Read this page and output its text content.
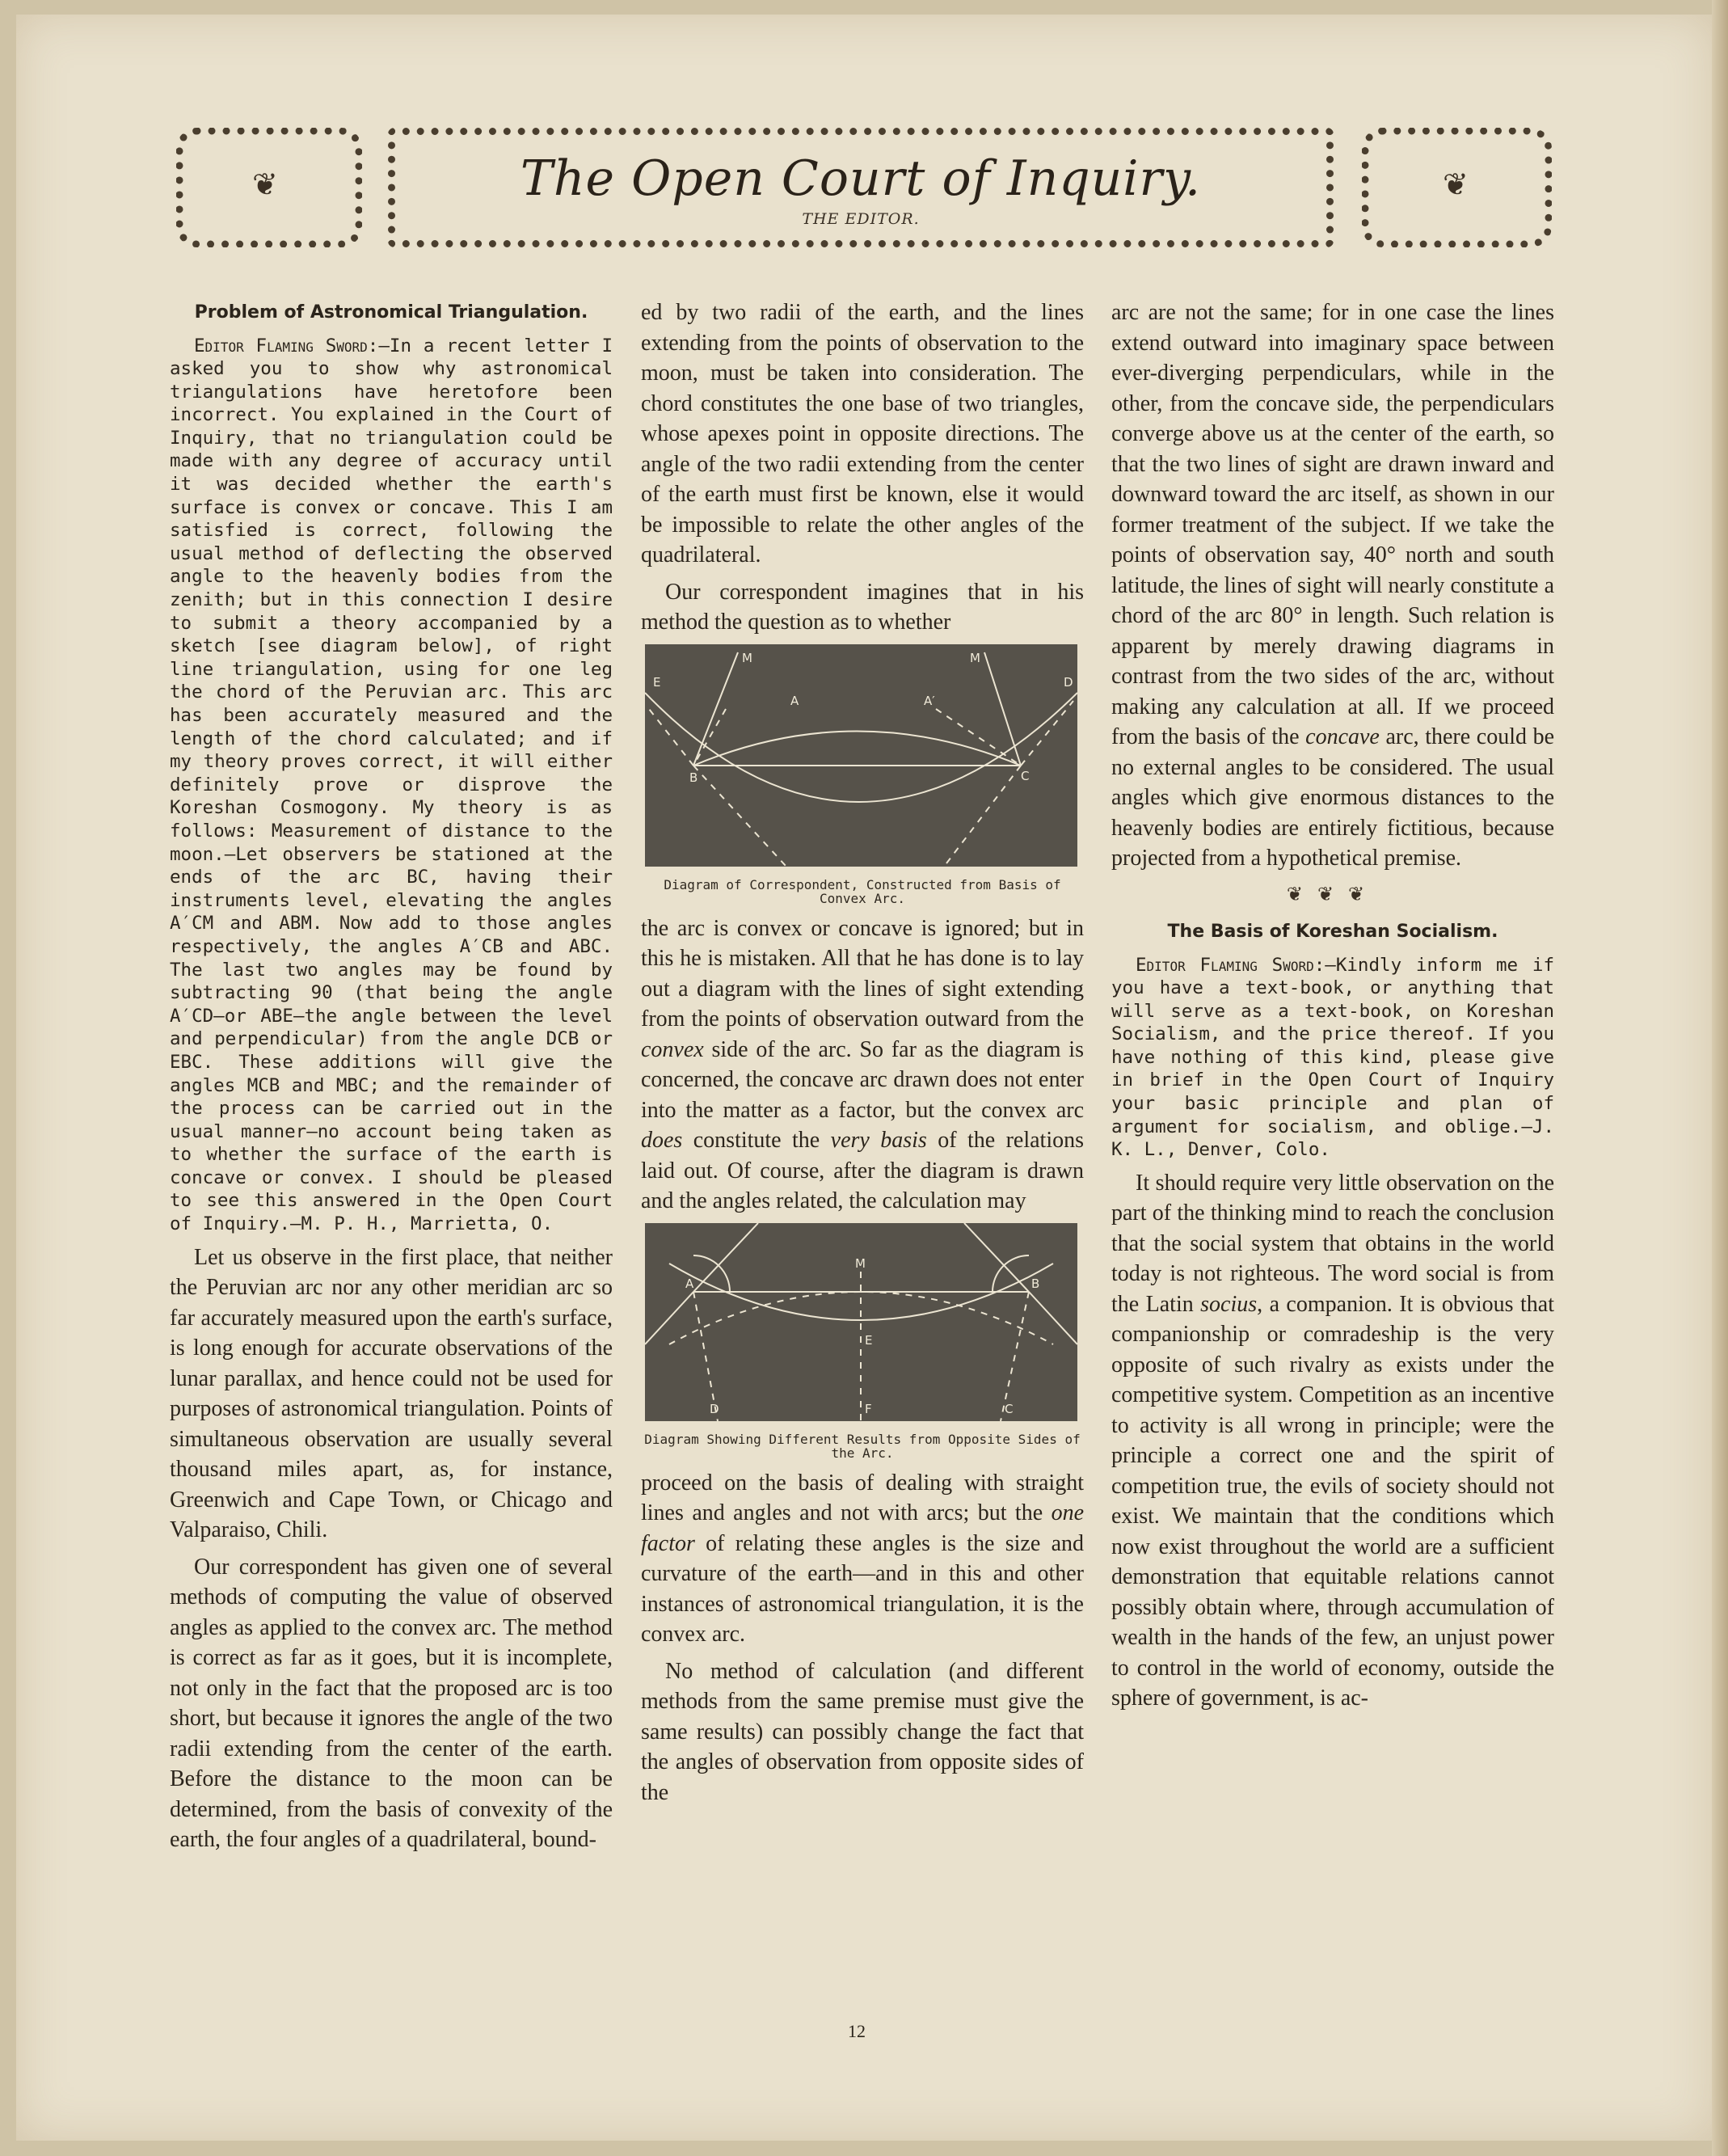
❦	❦
The Open Court of Inquiry.
THE EDITOR.

Problem of Astronomical Triangulation.

Editor Flaming Sword:—In a recent letter I asked you to show why astronomical triangulations have heretofore been incorrect. You explained in the Court of Inquiry, that no triangulation could be made with any degree of accuracy until it was decided whether the earth's surface is convex or concave. This I am satisfied is correct, following the usual method of deflecting the observed angle to the heavenly bodies from the zenith; but in this connection I desire to submit a theory accompanied by a sketch [see diagram below], of right line triangulation, using for one leg the chord of the Peruvian arc. This arc has been accurately measured and the length of the chord calculated; and if my theory proves correct, it will either definitely prove or disprove the Koreshan Cosmogony. My theory is as follows: Measurement of distance to the moon.—Let observers be stationed at the ends of the arc BC, having their instruments level, elevating the angles A′CM and ABM. Now add to those angles respectively, the angles A′CB and ABC. The last two angles may be found by subtracting 90 (that being the angle A′CD—or ABE—the angle between the level and perpendicular) from the angle DCB or EBC. These additions will give the angles MCB and MBC; and the remainder of the process can be carried out in the usual manner—no account being taken as to whether the surface of the earth is concave or convex. I should be pleased to see this answered in the Open Court of Inquiry.—M. P. H., Marrietta, O.

Let us observe in the first place, that neither the Peruvian arc nor any other meridian arc so far accurately measured upon the earth's surface, is long enough for accurate observations of the lunar parallax, and hence could not be used for purposes of astronomical triangulation. Points of simultaneous observation are usually several thousand miles apart, as, for instance, Greenwich and Cape Town, or Chicago and Valparaiso, Chili.

Our correspondent has given one of several methods of computing the value of observed angles as applied to the convex arc. The method is correct as far as it goes, but it is incomplete, not only in the fact that the proposed arc is too short, but because it ignores the angle of the two radii extending from the center of the earth. Before the distance to the moon can be determined, from the basis of convexity of the earth, the four angles of a quadrilateral, bound-

ed by two radii of the earth, and the lines extending from the points of observation to the moon, must be taken into consideration. The chord constitutes the one base of two triangles, whose apexes point in opposite directions. The angle of the two radii extending from the center of the earth must first be known, else it would be impossible to relate the other angles of the quadrilateral.

Our correspondent imagines that in his method the question as to whether

E
M
A	A′
M
D
B	C
Diagram of Correspondent, Constructed from Basis of Convex Arc.

the arc is convex or concave is ignored; but in this he is mistaken. All that he has done is to lay out a diagram with the lines of sight extending from the points of observation outward from the convex side of the arc. So far as the diagram is concerned, the concave arc drawn does not enter into the matter as a factor, but the convex arc does constitute the very basis of the relations laid out. Of course, after the diagram is drawn and the angles related, the calculation may

A
M
B
E
D	F	C
Diagram Showing Different Results from Opposite Sides of the Arc.

proceed on the basis of dealing with straight lines and angles and not with arcs; but the one factor of relating these angles is the size and curvature of the earth—and in this and other instances of astronomical triangulation, it is the convex arc.

No method of calculation (and different methods from the same premise must give the same results) can possibly change the fact that the angles of observation from opposite sides of the

arc are not the same; for in one case the lines extend outward into imaginary space between ever-diverging perpendiculars, while in the other, from the concave side, the perpendiculars converge above us at the center of the earth, so that the two lines of sight are drawn inward and downward toward the arc itself, as shown in our former treatment of the subject. If we take the points of observation say, 40° north and south latitude, the lines of sight will nearly constitute a chord of the arc 80° in length. Such relation is apparent by merely drawing diagrams in contrast from the two sides of the arc, without making any calculation at all. If we proceed from the basis of the concave arc, there could be no external angles to be considered. The usual angles which give enormous distances to the heavenly bodies are entirely fictitious, because projected from a hypothetical premise.

❦❦❦

The Basis of Koreshan Socialism.

Editor Flaming Sword:—Kindly inform me if you have a text-book, or anything that will serve as a text-book, on Koreshan Socialism, and the price thereof. If you have nothing of this kind, please give in brief in the Open Court of Inquiry your basic principle and plan of argument for socialism, and oblige.—J. K. L., Denver, Colo.

It should require very little observation on the part of the thinking mind to reach the conclusion that the social system that obtains in the world today is not righteous. The word social is from the Latin socius, a companion. It is obvious that companionship or comradeship is the very opposite of such rivalry as exists under the competitive system. Competition as an incentive to activity is all wrong in principle; were the principle a correct one and the spirit of competition true, the evils of society should not exist. We maintain that the conditions which now exist throughout the world are a sufficient demonstration that equitable relations cannot possibly obtain where, through accumulation of wealth in the hands of the few, an unjust power to control in the world of economy, outside the sphere of government, is ac-

12
